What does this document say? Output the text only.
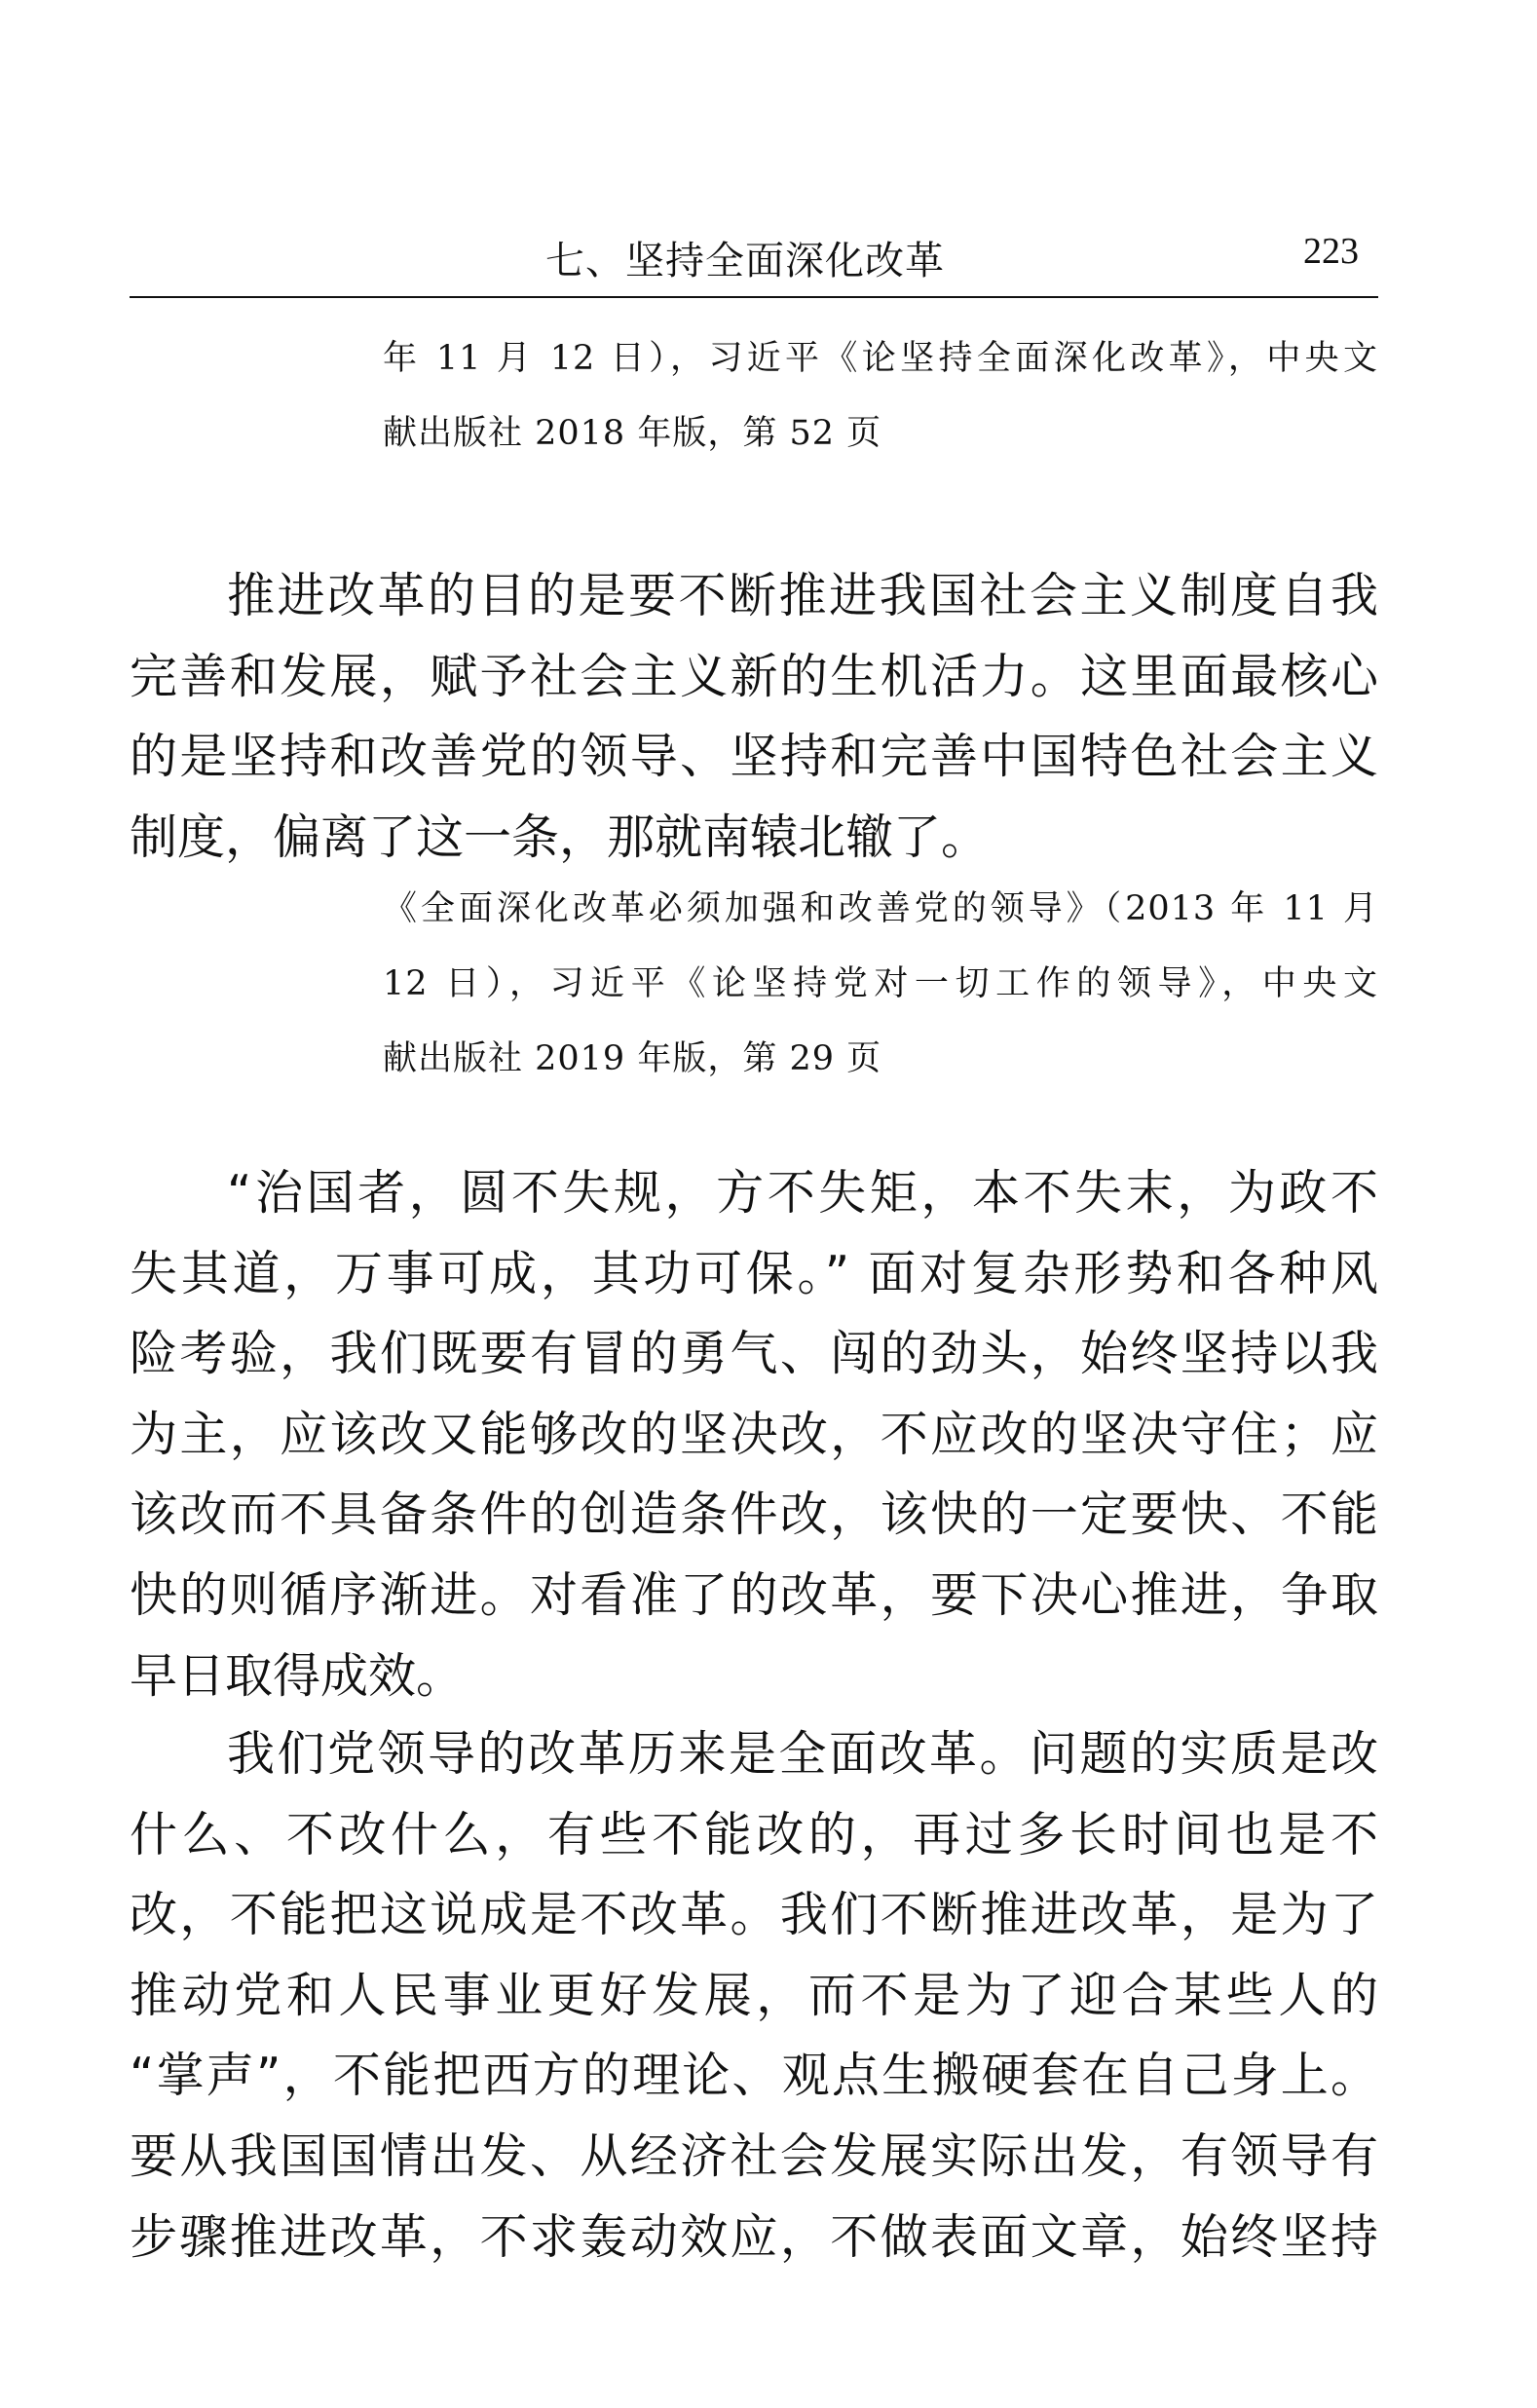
七、坚持全面深化改革	223
年 11 月 12 日），习近平《论坚持全面深化改革》，中央文
献出版社 2018 年版，第 52 页
推进改革的目的是要不断推进我国社会主义制度自我
完善和发展，赋予社会主义新的生机活力。这里面最核心
的是坚持和改善党的领导、坚持和完善中国特色社会主义
制度，偏离了这一条，那就南辕北辙了。
《全面深化改革必须加强和改善党的领导》（2013 年 11 月
12 日），习近平《论坚持党对一切工作的领导》，中央文
献出版社 2019 年版，第 29 页
“治国者，圆不失规，方不失矩，本不失末，为政不
失其道，万事可成，其功可保。” 面对复杂形势和各种风
险考验，我们既要有冒的勇气、闯的劲头，始终坚持以我
为主，应该改又能够改的坚决改，不应改的坚决守住；应
该改而不具备条件的创造条件改，该快的一定要快、不能
快的则循序渐进。对看准了的改革，要下决心推进，争取
早日取得成效。
我们党领导的改革历来是全面改革。问题的实质是改
什么、不改什么，有些不能改的，再过多长时间也是不
改，不能把这说成是不改革。我们不断推进改革，是为了
推动党和人民事业更好发展，而不是为了迎合某些人的
“掌声”，不能把西方的理论、观点生搬硬套在自己身上。
要从我国国情出发、从经济社会发展实际出发，有领导有
步骤推进改革，不求轰动效应，不做表面文章，始终坚持
